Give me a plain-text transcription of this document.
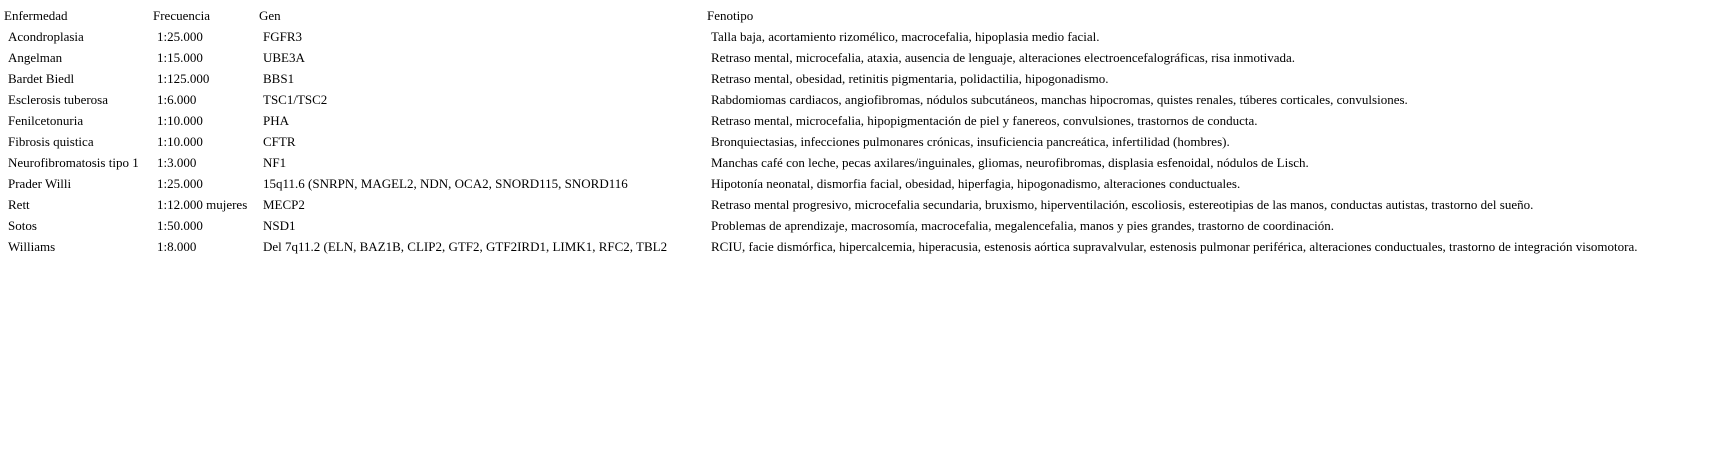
Enfermedad	Frecuencia	Gen	Fenotipo
Acondroplasia	1:25.000	FGFR3	Talla baja, acortamiento rizomélico, macrocefalia, hipoplasia medio facial.
Angelman	1:15.000	UBE3A	Retraso mental, microcefalia, ataxia, ausencia de lenguaje, alteraciones electroencefalográficas, risa inmotivada.
Bardet Biedl	1:125.000	BBS1	Retraso mental, obesidad, retinitis pigmentaria, polidactilia, hipogonadismo.
Esclerosis tuberosa	1:6.000	TSC1/TSC2	Rabdomiomas cardiacos, angiofibromas, nódulos subcutáneos, manchas hipocromas, quistes renales, túberes corticales, convulsiones.
Fenilcetonuria	1:10.000	PHA	Retraso mental, microcefalia, hipopigmentación de piel y fanereos, convulsiones, trastornos de conducta.
Fibrosis quistica	1:10.000	CFTR	Bronquiectasias, infecciones pulmonares crónicas, insuficiencia pancreática, infertilidad (hombres).
Neurofibromatosis tipo 1	1:3.000	NF1	Manchas café con leche, pecas axilares/inguinales, gliomas, neurofibromas, displasia esfenoidal, nódulos de Lisch.
Prader Willi	1:25.000	15q11.6 (SNRPN, MAGEL2, NDN, OCA2, SNORD115, SNORD116	Hipotonía neonatal, dismorfia facial, obesidad, hiperfagia, hipogonadismo, alteraciones conductuales.
Rett	1:12.000 mujeres	MECP2	Retraso mental progresivo, microcefalia secundaria, bruxismo, hiperventilación, escoliosis, estereotipias de las manos, conductas autistas, trastorno del sueño.
Sotos	1:50.000	NSD1	Problemas de aprendizaje, macrosomía, macrocefalia, megalencefalia, manos y pies grandes, trastorno de coordinación.
Williams	1:8.000	Del 7q11.2 (ELN, BAZ1B, CLIP2, GTF2, GTF2IRD1, LIMK1, RFC2, TBL2	RCIU, facie dismórfica, hipercalcemia, hiperacusia, estenosis aórtica supravalvular, estenosis pulmonar periférica, alteraciones conductuales, trastorno de integración visomotora.
